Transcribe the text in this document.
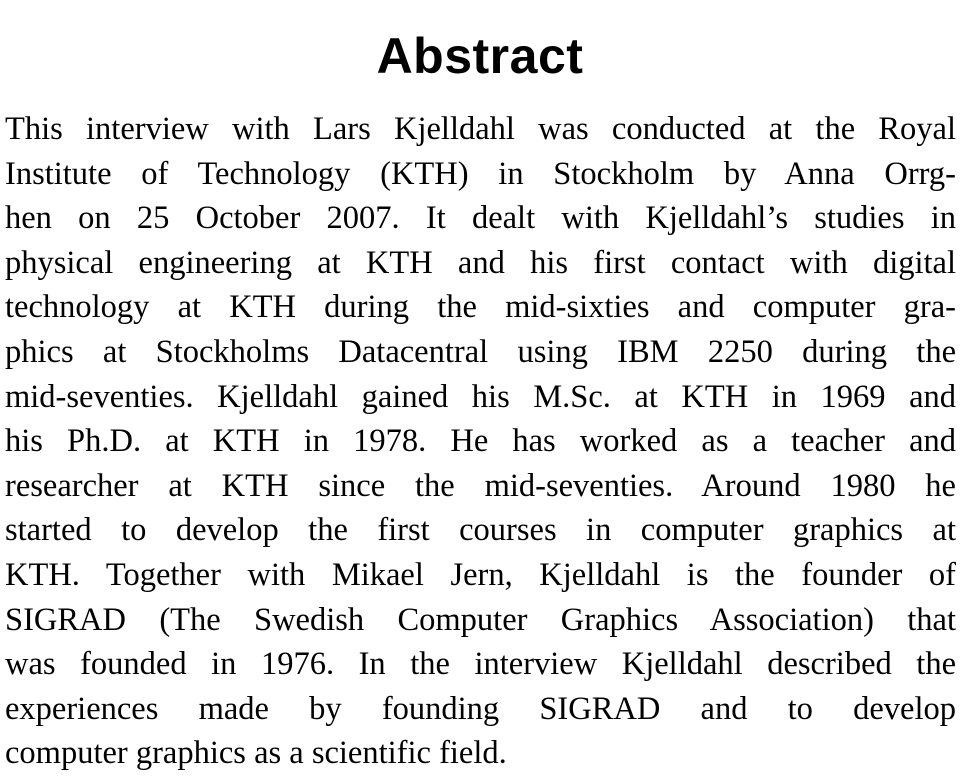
Abstract
This interview with Lars Kjelldahl was conducted at the Royal
Institute of Technology (KTH) in Stockholm by Anna Orrg-
hen on 25 October 2007. It dealt with Kjelldahl’s studies in
physical engineering at KTH and his first contact with digital
technology at KTH during the mid-sixties and computer gra-
phics at Stockholms Datacentral using IBM 2250 during the
mid-seventies. Kjelldahl gained his M.Sc. at KTH in 1969 and
his Ph.D. at KTH in 1978. He has worked as a teacher and
researcher at KTH since the mid-seventies. Around 1980 he
started to develop the first courses in computer graphics at
KTH. Together with Mikael Jern, Kjelldahl is the founder of
SIGRAD (The Swedish Computer Graphics Association) that
was founded in 1976. In the interview Kjelldahl described the
experiences made by founding SIGRAD and to develop
computer graphics as a scientific field.
